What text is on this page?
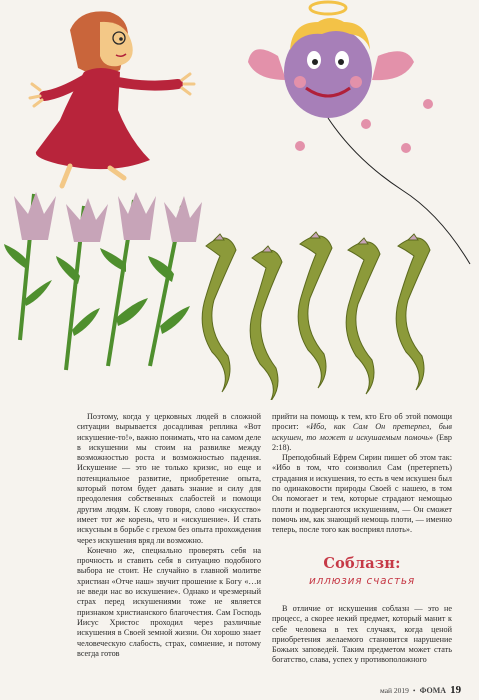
Поэтому, когда у церковных людей в сложной ситуации вырывается досадливая реплика «Вот искушение-то!», важно понимать, что на самом деле в искушении мы стоим на развилке между возможностью роста и возможностью падения. Искушение — это не только кризис, но еще и потенциальное развитие, приобретение опыта, который потом будет давать знание и силу для преодоления собственных слабостей и помощи другим людям. К слову говоря, слово «искусство» имеет тот же корень, что и «искушение». И стать искусным в борьбе с грехом без опыта прохождения через искушения вряд ли возможно.

Конечно же, специально проверять себя на прочность и ставить себя в ситуацию подобного выбора не стоит. Не случайно в главной молитве христиан «Отче наш» звучит прошение к Богу «…и не введи нас во искушение». Однако и чрезмерный страх перед искушениями тоже не является признаком христианского благочестия. Сам Господь Иисус Христос проходил через различные искушения в Своей земной жизни. Он хорошо знает человеческую слабость, страх, сомнение, и потому всегда готов

прийти на помощь к тем, кто Его об этой помощи просит: «Ибо, как Сам Он претерпел, быв искушен, то может и искушаемым помочь» (Евр 2:18).

Преподобный Ефрем Сирин пишет об этом так: «Ибо в том, что соизволил Сам (претерпеть) страдания и искушения, то есть в чем искушен был по одинаковости природы Своей с нашею, в том Он помогает и тем, которые страдают немощью плоти и подвергаются искушениям, — Он сможет помочь им, как знающий немощь плоти, — именно теперь, после того как восприял плоть».

Соблазн:
иллюзия счастья

В отличие от искушения соблазн — это не процесс, а скорее некий предмет, который манит к себе человека в тех случаях, когда ценой приобретения желаемого становится нарушение Божьих заповедей. Таким предметом может стать богатство, слава, успех у противоположного

май 2019 • ФОМА 19
